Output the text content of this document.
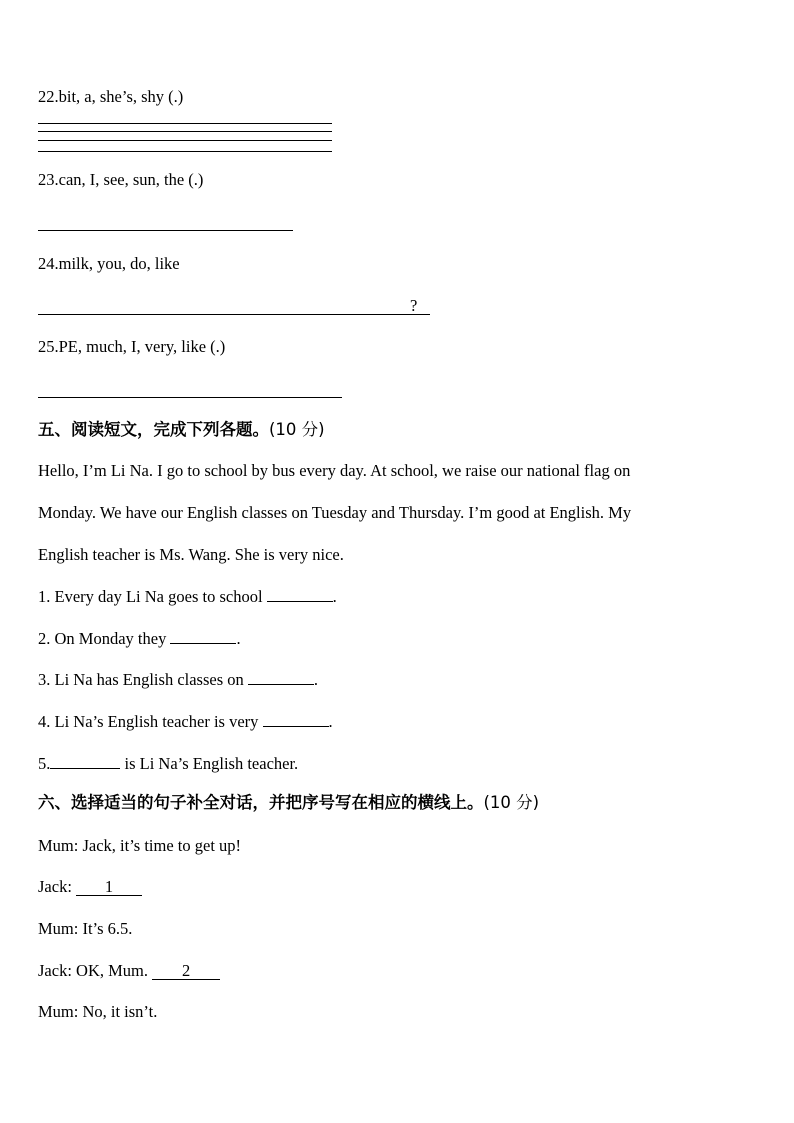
22.bit, a, she’s, shy (.)
23.can, I, see, sun, the (.)
24.milk, you, do, like
?
25.PE, much, I, very, like (.)
五、阅读短文，完成下列各题。(10 分)
Hello, I’m Li Na. I go to school by bus every day. At school, we raise our national flag on
Monday. We have our English classes on Tuesday and Thursday. I’m good at English. My
English teacher is Ms. Wang. She is very nice.
1. Every day Li Na goes to school	.
2. On Monday they	.
3. Li Na has English classes on	.
4. Li Na’s English teacher is very	.
5.	is Li Na’s English teacher.
六、选择适当的句子补全对话，并把序号写在相应的横线上。(10 分)
Mum: Jack, it’s time to get up!
Jack: 1
Mum: It’s 6.5.
Jack: OK, Mum. 2
Mum: No, it isn’t.
